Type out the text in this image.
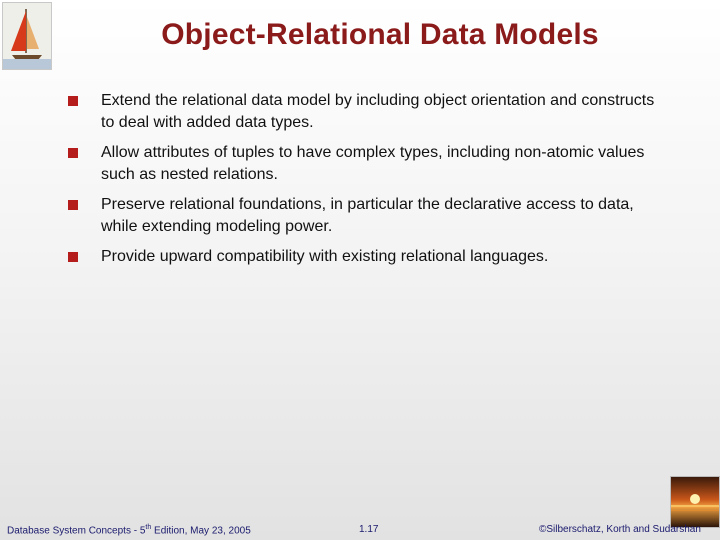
Object-Relational Data Models
Extend the relational data model by including object orientation and constructs to deal with added data types.
Allow attributes of tuples to have complex types, including non-atomic values such as nested relations.
Preserve relational foundations, in particular the declarative access to data, while extending modeling power.
Provide upward compatibility with existing relational languages.
Database System Concepts - 5th Edition, May 23, 2005	1.17	©Silberschatz, Korth and Sudarshan
